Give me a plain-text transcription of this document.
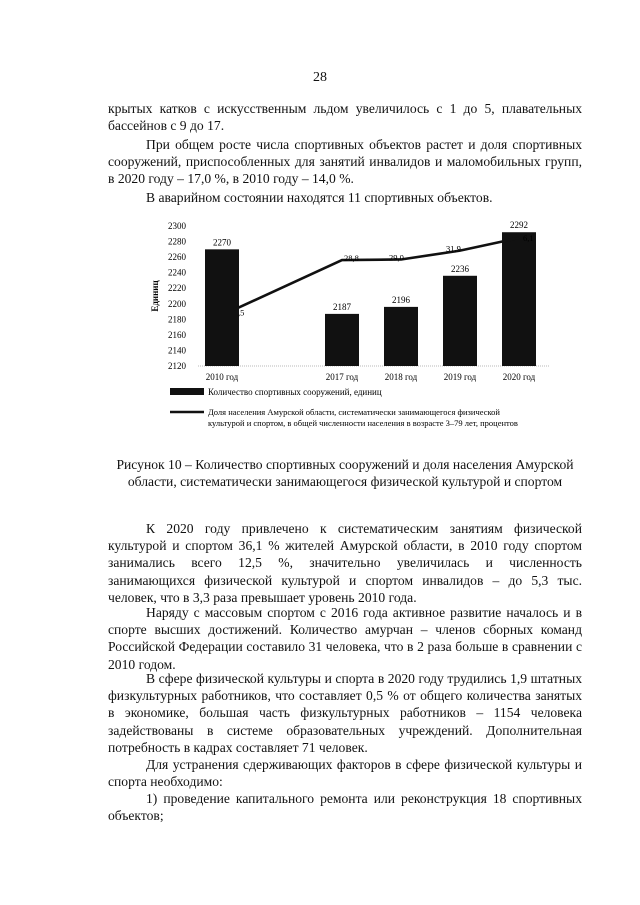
28

крытых катков с искусственным льдом увеличилось с 1 до 5, плавательных бассейнов с 9 до 17.

При общем росте числа спортивных объектов растет и доля спортивных сооружений, приспособленных для занятий инвалидов и маломобильных групп, в 2020 году – 17,0 %, в 2010 году – 14,0 %.

В аварийном состоянии находятся 11 спортивных объектов.

Единиц
2300
2280
2260
2240
2220
2200
2180
2160
2140
2120
2010 год	2017 год	2018 год	2019 год	2020 год
2270
2187
2196
2236
2292
,5
28,8	29,0
31,9
6,1
Количество спортивных сооружений, единиц
Доля населения Амурской области, систематически занимающегося физической культурой и спортом, в общей численности населения в возрасте 3–79 лет, процентов

Рисунок 10 – Количество спортивных сооружений и доля населения Амурской области, систематически занимающегося физической культурой и спортом

К 2020 году привлечено к систематическим занятиям физической культурой и спортом 36,1 % жителей Амурской области, в 2010 году спортом занимались всего 12,5 %, значительно увеличилась и численность занимающихся физической культурой и спортом инвалидов – до 5,3 тыс. человек, что в 3,3 раза превышает уровень 2010 года.

Наряду с массовым спортом с 2016 года активное развитие началось и в спорте высших достижений. Количество амурчан – членов сборных команд Российской Федерации составило 31 человека, что в 2 раза больше в сравнении с 2010 годом.

В сфере физической культуры и спорта в 2020 году трудились 1,9 штатных физкультурных работников, что составляет 0,5 % от общего количества занятых в экономике, большая часть физкультурных работников – 1154 человека задействованы в системе образовательных учреждений. Дополнительная потребность в кадрах составляет 71 человек.

Для устранения сдерживающих факторов в сфере физической культуры и спорта необходимо:

1) проведение капитального ремонта или реконструкция 18 спортивных объектов;
